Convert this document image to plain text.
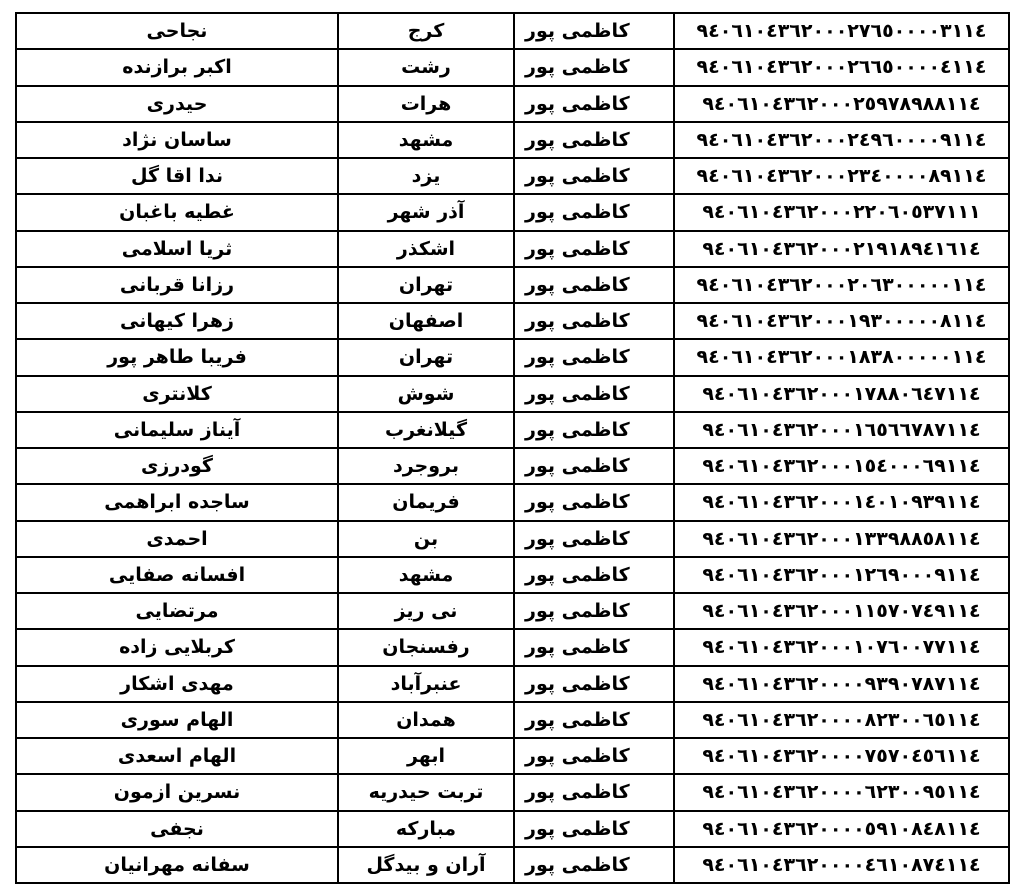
نجاحی	کرج	کاظمی پور	۹٤۰٦۱۰٤۳٦۲۰۰۰۲۷٦٥۰۰۰۰۳۱۱٤
اکبر برازنده	رشت	کاظمی پور	۹٤۰٦۱۰٤۳٦۲۰۰۰۲٦٦٥۰۰۰۰٤۱۱٤
حیدری	هرات	کاظمی پور	۹٤۰٦۱۰٤۳٦۲۰۰۰۲٥۹۷۸۹۸۸۱۱٤
ساسان نژاد	مشهد	کاظمی پور	۹٤۰٦۱۰٤۳٦۲۰۰۰۲٤۹٦۰۰۰۰۹۱۱٤
ندا اقا گل	یزد	کاظمی پور	۹٤۰٦۱۰٤۳٦۲۰۰۰۲۳٤۰۰۰۰۸۹۱۱٤
غطیه باغبان	آذر شهر	کاظمی پور	۹٤۰٦۱۰٤۳٦۲۰۰۰۲۲۰٦۰٥۳۷۱۱۱
ثریا اسلامی	اشکذر	کاظمی پور	۹٤۰٦۱۰٤۳٦۲۰۰۰۲۱۹۱۸۹٤۱٦۱٤
رزانا قربانی	تهران	کاظمی پور	۹٤۰٦۱۰٤۳٦۲۰۰۰۲۰٦۳۰۰۰۰۰۱۱٤
زهرا کیهانی	اصفهان	کاظمی پور	۹٤۰٦۱۰٤۳٦۲۰۰۰۱۹۳۰۰۰۰۰۸۱۱٤
فریبا طاهر پور	تهران	کاظمی پور	۹٤۰٦۱۰٤۳٦۲۰۰۰۱۸۳۸۰۰۰۰۰۱۱٤
کلانتری	شوش	کاظمی پور	۹٤۰٦۱۰٤۳٦۲۰۰۰۱۷۸۸۰٦٤۷۱۱٤
آیناز سلیمانی	گیلانغرب	کاظمی پور	۹٤۰٦۱۰٤۳٦۲۰۰۰۱٦٥٦٦۷۸۷۱۱٤
گودرزی	بروجرد	کاظمی پور	۹٤۰٦۱۰٤۳٦۲۰۰۰۱٥٤۰۰۰٦۹۱۱٤
ساجده ابراهمی	فریمان	کاظمی پور	۹٤۰٦۱۰٤۳٦۲۰۰۰۱٤۰۱۰۹۳۹۱۱٤
احمدی	بن	کاظمی پور	۹٤۰٦۱۰٤۳٦۲۰۰۰۱۳۳۹۸۸٥۸۱۱٤
افسانه صفایی	مشهد	کاظمی پور	۹٤۰٦۱۰٤۳٦۲۰۰۰۱۲٦۹۰۰۰۹۱۱٤
مرتضایی	نی ریز	کاظمی پور	۹٤۰٦۱۰٤۳٦۲۰۰۰۱۱٥۷۰۷٤۹۱۱٤
کربلایی زاده	رفسنجان	کاظمی پور	۹٤۰٦۱۰٤۳٦۲۰۰۰۱۰۷٦۰۰۷۷۱۱٤
مهدی اشکار	عنبرآباد	کاظمی پور	۹٤۰٦۱۰٤۳٦۲۰۰۰۰۹۳۹۰۷۸۷۱۱٤
الهام سوری	همدان	کاظمی پور	۹٤۰٦۱۰٤۳٦۲۰۰۰۰۸۲۳۰۰٦٥۱۱٤
الهام اسعدی	ابهر	کاظمی پور	۹٤۰٦۱۰٤۳٦۲۰۰۰۰۷٥۷۰٤٥٦۱۱٤
نسرین ازمون	تربت حیدریه	کاظمی پور	۹٤۰٦۱۰٤۳٦۲۰۰۰۰٦۲۳۰۰۹٥۱۱٤
نجفی	مبارکه	کاظمی پور	۹٤۰٦۱۰٤۳٦۲۰۰۰۰٥۹۱۰۸٤۸۱۱٤
سفانه مهرانیان	آران و بیدگل	کاظمی پور	۹٤۰٦۱۰٤۳٦۲۰۰۰۰٤٦۱۰۸۷٤۱۱٤
